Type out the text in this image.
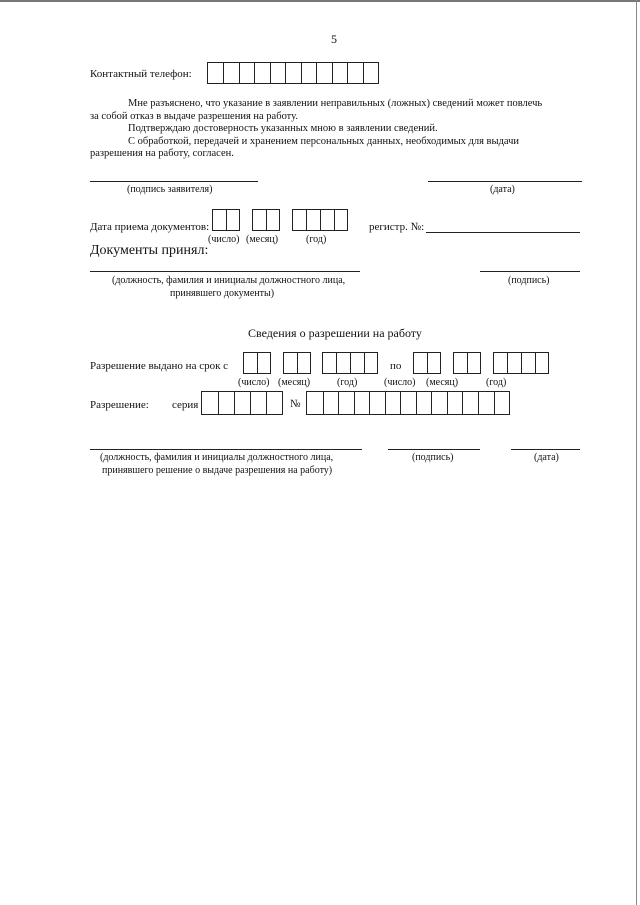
5
Контактный телефон:

Мне разъяснено, что указание в заявлении неправильных (ложных) сведений может повлечь

за собой отказ в выдаче разрешения на работу.

Подтверждаю достоверность указанных мною в заявлении сведений.

С обработкой, передачей и хранением персональных данных, необходимых для выдачи

разрешения на работу, согласен.

(подпись заявителя)	(дата)
Дата приема документов:
(число) (месяц)	(год)
регистр. №:
Документы принял:
(должность, фамилия и инициалы должностного лица,
принявшего документы)
(подпись)
Сведения о разрешении на работу
Разрешение выдано на срок с	по
(число) (месяц)	(год)	(число) (месяц)	(год)
Разрешение: серия	№
(должность, фамилия и инициалы должностного лица,
принявшего решение о выдаче разрешения на работу)
(подпись)	(дата)
